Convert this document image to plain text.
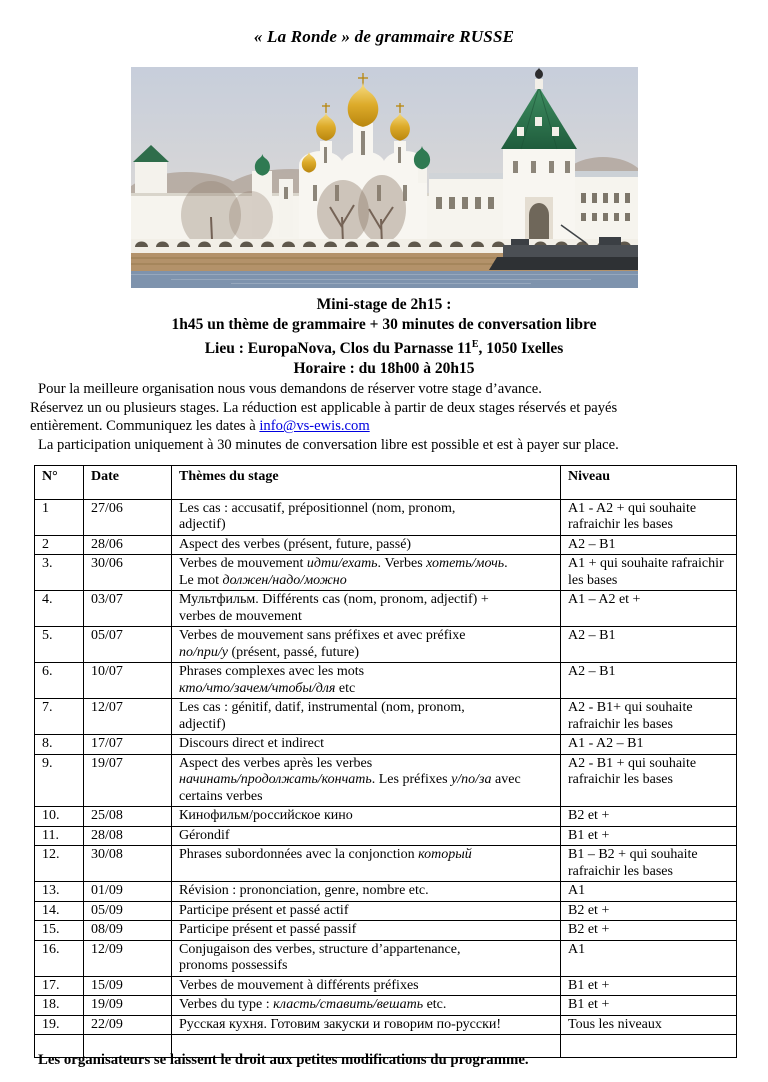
« La Ronde » de grammaire RUSSE
Mini-stage de 2h15 :
1h45 un thème de grammaire + 30 minutes de conversation libre
Lieu : EuropaNova, Clos du Parnasse $11^E$, 1050 Ixelles
Horaire : du 18h00 à 20h15
Pour la meilleure organisation nous vous demandons de réserver votre stage d’avance.
Réservez un ou plusieurs stages. La réduction est applicable à partir de deux stages réservés et payés
entièrement. Communiquez les dates à info@vs-ewis.com
La participation uniquement à 30 minutes de conversation libre est possible et est à payer sur place.
N°	Date	Thèmes du stage	Niveau
1	27/06	Les cas : accusatif, prépositionnel (nom, pronom,
adjectif)	A1 - A2 + qui souhaite rafraichir les bases
2	28/06	Aspect des verbes (présent, future, passé)	A2 – B1
3.	30/06	Verbes de mouvement идти/ехать. Verbes хотеть/мочь.
Le mot должен/надо/можно	A1 + qui souhaite rafraichir les bases
4.	03/07	Мультфильм. Différents cas (nom, pronom, adjectif) +
verbes de mouvement	A1 – A2 et +
5.	05/07	Verbes de mouvement sans préfixes et avec préfixe
по/при/у (présent, passé, future)	A2 – B1
6.	10/07	Phrases complexes avec les mots
кто/что/зачем/чтобы/для etc	A2 – B1
7.	12/07	Les cas : génitif, datif, instrumental (nom, pronom,
adjectif)	A2 - B1+ qui souhaite rafraichir les bases
8.	17/07	Discours direct et indirect	A1 - A2 – B1
9.	19/07	Aspect des verbes après les verbes
начинать/продолжать/кончать. Les préfixes у/по/за avec
certains verbes	A2 - B1 + qui souhaite rafraichir les bases
10.	25/08	Кинофильм/российское кино	B2 et +
11.	28/08	Gérondif	B1 et +
12.	30/08	Phrases subordonnées avec la conjonction который	B1 – B2 + qui souhaite rafraichir les bases
13.	01/09	Révision : prononciation, genre, nombre etc.	A1
14.	05/09	Participe présent et passé actif	B2 et +
15.	08/09	Participe présent et passé passif	B2 et +
16.	12/09	Conjugaison des verbes, structure d’appartenance,
pronoms possessifs	A1
17.	15/09	Verbes de mouvement à différents préfixes	B1 et +
18.	19/09	Verbes du type : класть/ставить/вешать etc.	B1 et +
19.	22/09	Русская кухня. Готовим закуски и говорим по-русски!	Tous les niveaux

Les organisateurs se laissent le droit aux petites modifications du programme.
